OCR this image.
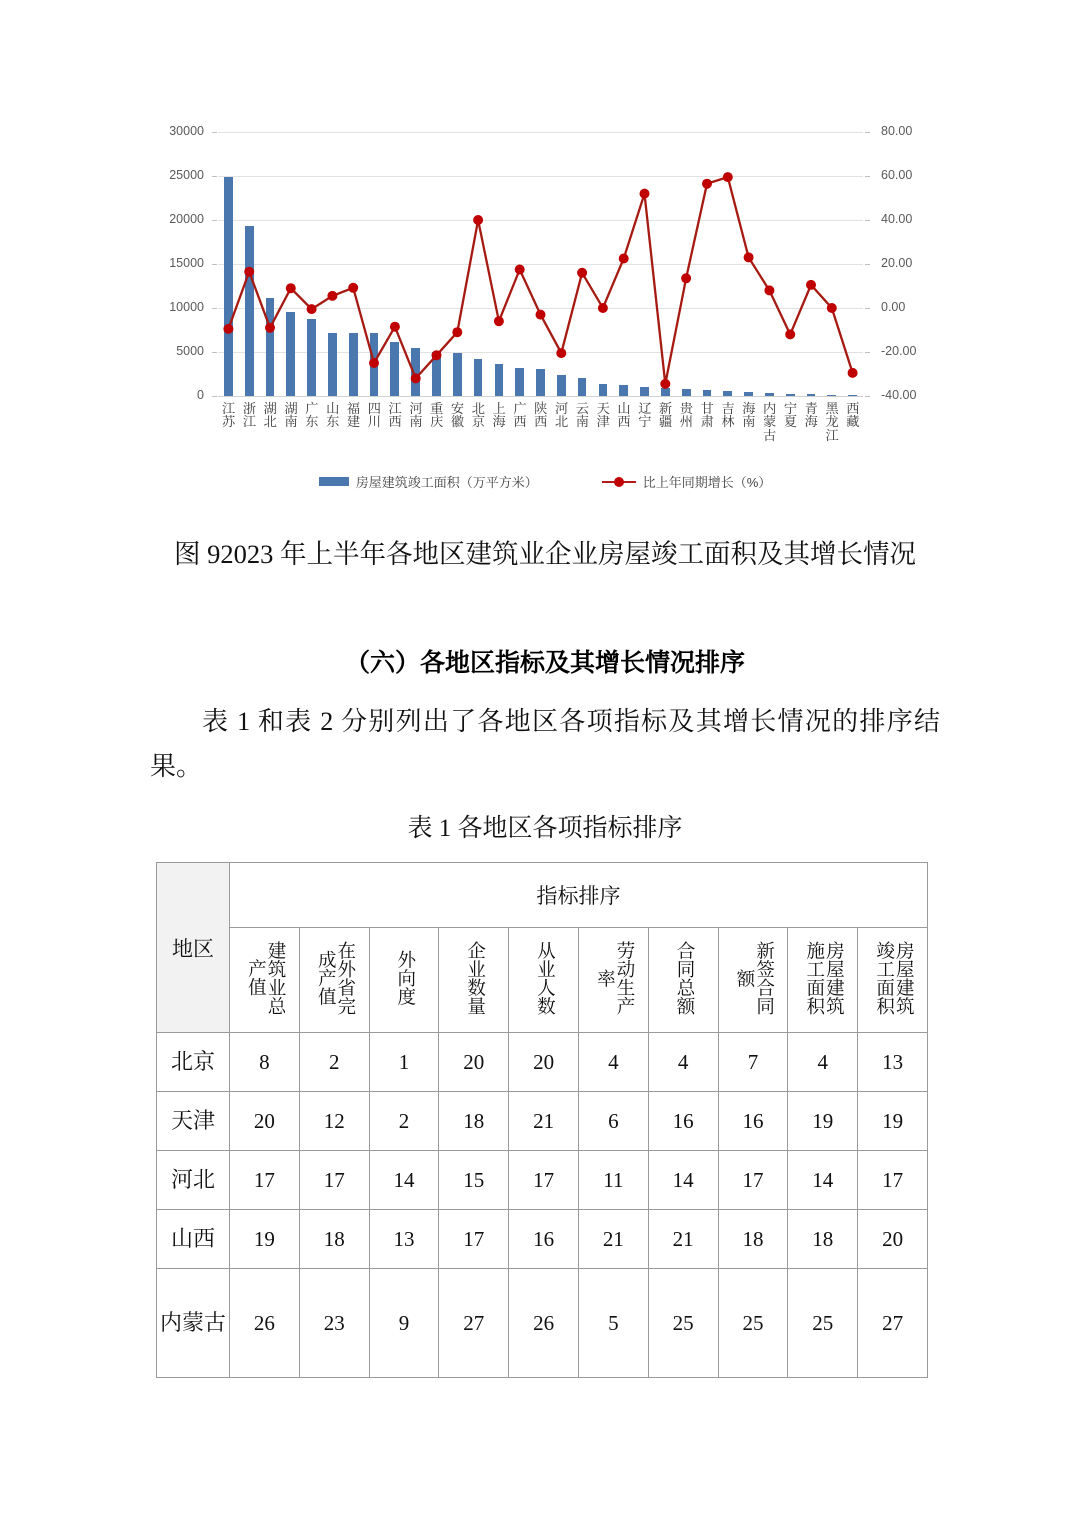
0
5000
10000
15000
20000
25000
30000
-40.00
-20.00
0.00
20.00
40.00
60.00
80.00
江苏
浙江
湖北
湖南
广东
山东
福建
四川
江西
河南
重庆
安徽
北京
上海
广西
陕西
河北
云南
天津
山西
辽宁
新疆
贵州
甘肃
吉林
海南
内蒙古
宁夏
青海
黑龙江
西藏
房屋建筑竣工面积（万平方米）	比上年同期增长（%）
图 92023 年上半年各地区建筑业企业房屋竣工面积及其增长情况
（六）各地区指标及其增长情况排序
表 1 和表 2 分别列出了各地区各项指标及其增长情况的排序结果。
表 1 各地区各项指标排序
地区	指标排序									
	建筑业总产值	在外省完成产值	外向度	企业数量	从业人数	劳动生产率	合同总额	新签合同额	房屋建筑施工面积	房屋建筑竣工面积
北京	8	2	1	20	20	4	4	7	4	13
天津	20	12	2	18	21	6	16	16	19	19
河北	17	17	14	15	17	11	14	17	14	17
山西	19	18	13	17	16	21	21	18	18	20
内蒙古	26	23	9	27	26	5	25	25	25	27
